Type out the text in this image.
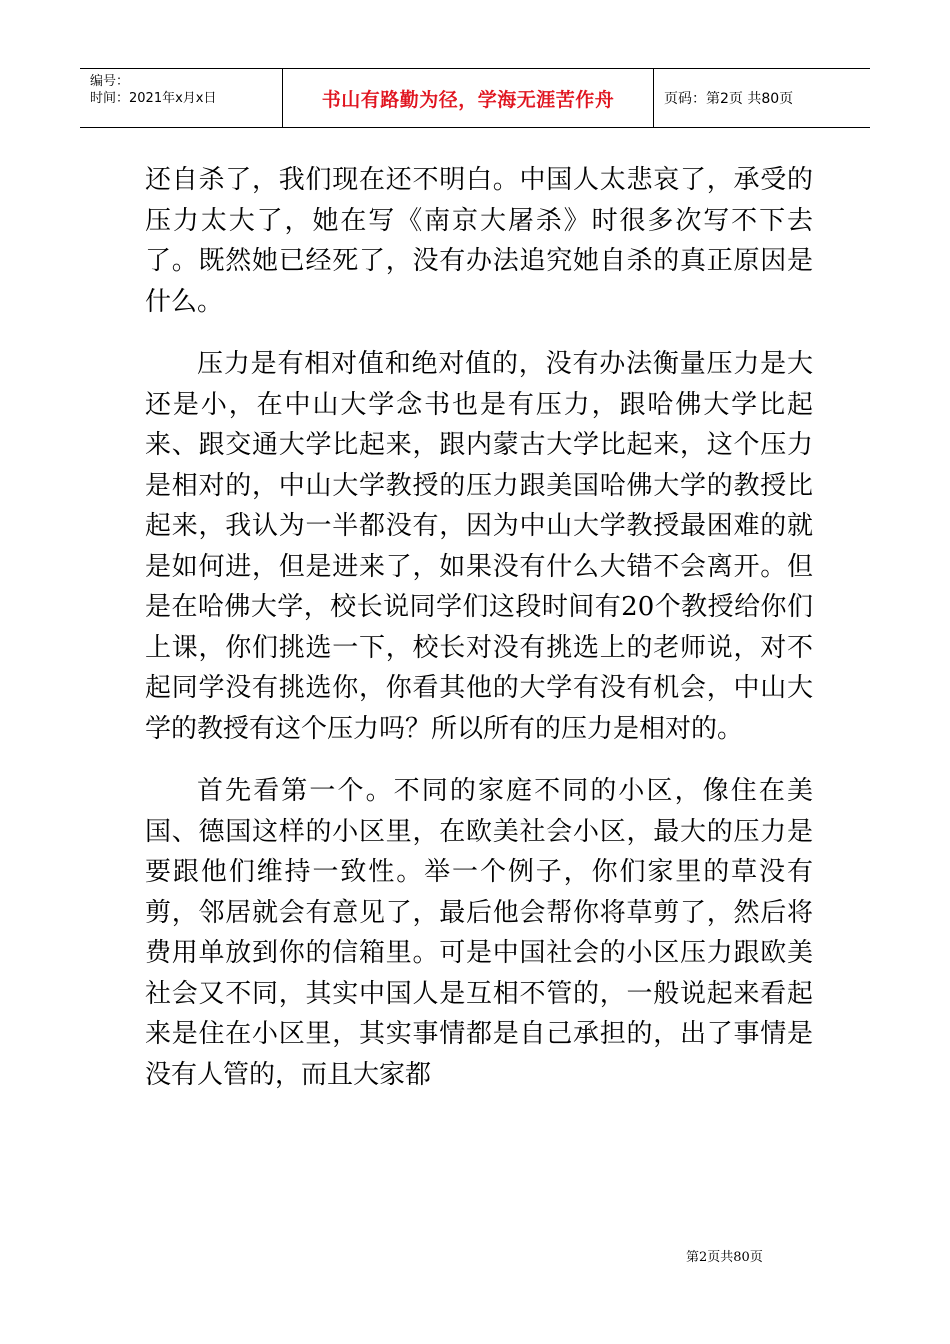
编号：
时间：2021年x月x日	书山有路勤为径，学海无涯苦作舟	页码：第2页 共80页

还自杀了，我们现在还不明白。中国人太悲哀了，承受的压力太大了，她在写《南京大屠杀》时很多次写不下去了。既然她已经死了，没有办法追究她自杀的真正原因是什么。

压力是有相对值和绝对值的，没有办法衡量压力是大还是小，在中山大学念书也是有压力，跟哈佛大学比起来、跟交通大学比起来，跟内蒙古大学比起来，这个压力是相对的，中山大学教授的压力跟美国哈佛大学的教授比起来，我认为一半都没有，因为中山大学教授最困难的就是如何进，但是进来了，如果没有什么大错不会离开。但是在哈佛大学，校长说同学们这段时间有20个教授给你们上课，你们挑选一下，校长对没有挑选上的老师说，对不起同学没有挑选你，你看其他的大学有没有机会，中山大学的教授有这个压力吗？所以所有的压力是相对的。

首先看第一个。不同的家庭不同的小区，像住在美国、德国这样的小区里，在欧美社会小区，最大的压力是要跟他们维持一致性。举一个例子，你们家里的草没有剪，邻居就会有意见了，最后他会帮你将草剪了，然后将费用单放到你的信箱里。可是中国社会的小区压力跟欧美社会又不同，其实中国人是互相不管的，一般说起来看起来是住在小区里，其实事情都是自己承担的，出了事情是没有人管的，而且大家都

第2页共80页
